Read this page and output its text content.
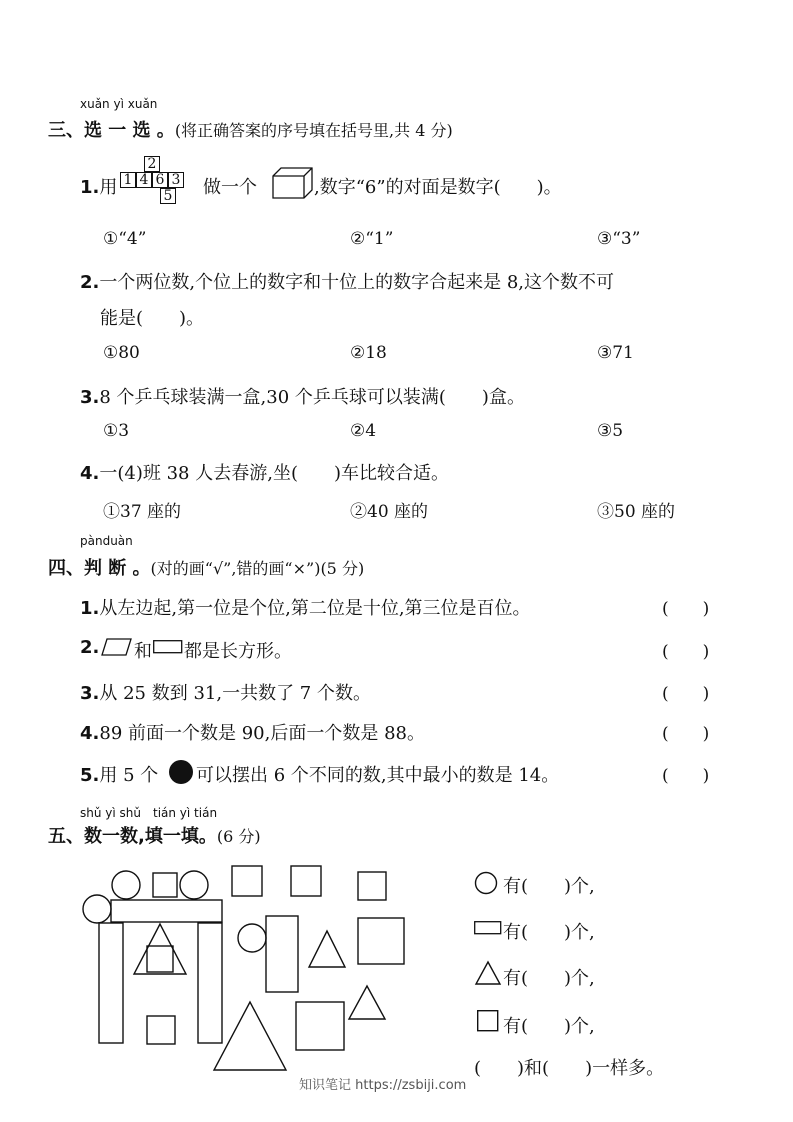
xuǎn yì xuǎn
三、选 一 选 。(将正确答案的序号填在括号里,共 4 分)
1.用
2
1 4 6 3
5 做一个	,数字“6”的对面是数字(　　)。
①“4”	②“1”	③“3”
2.一个两位数,个位上的数字和十位上的数字合起来是 8,这个数不可
能是(　　)。
①80	②18	③71
3.8 个乒乓球装满一盒,30 个乒乓球可以装满(　　)盒。
①3	②4	③5
4.一(4)班 38 人去春游,坐(　　)车比较合适。
①37 座的	②40 座的	③50 座的
pànduàn
四、判 断 。(对的画“√”,错的画“×”)(5 分)
1.从左边起,第一位是个位,第二位是十位,第三位是百位。	(　　)
2. 和 都是长方形。	(　　)
3.从 25 数到 31,一共数了 7 个数。	(　　)
4.89 前面一个数是 90,后面一个数是 88。	(　　)
5.用 5 个 可以摆出 6 个不同的数,其中最小的数是 14。	(　　)
shǔ yì shǔ　tián yì tián
五、数一数,填一填。(6 分)
有(　　)个,
有(　　)个,
有(　　)个,
有(　　)个,
(　　)和(　　)一样多。
知识笔记 https://zsbiji.com
